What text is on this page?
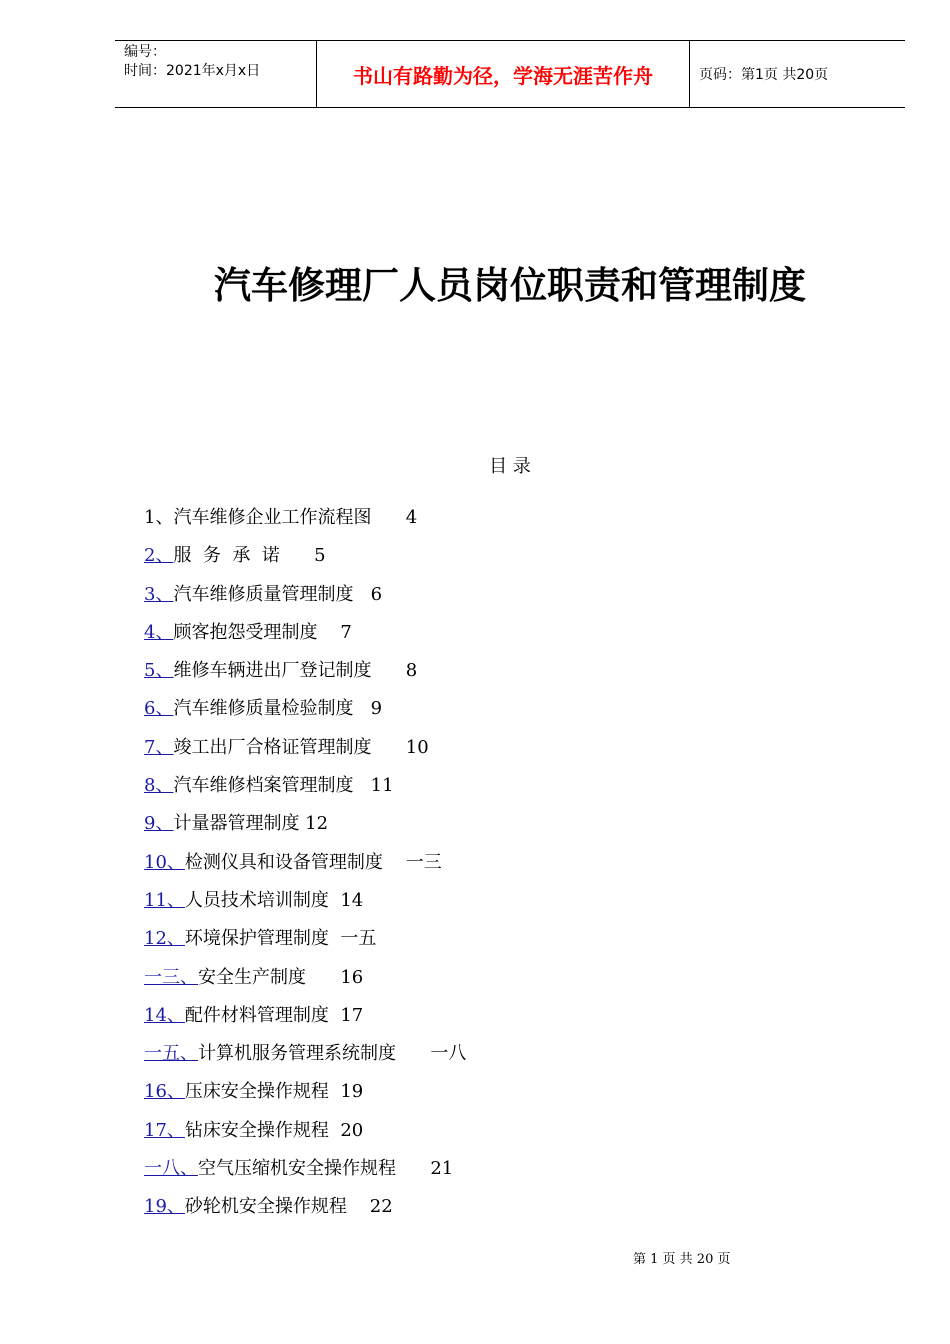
编号：
时间：2021年x月x日	书山有路勤为径，学海无涯苦作舟	页码：第1页 共20页
汽车修理厂人员岗位职责和管理制度
目 录
1、汽车维修企业工作流程图      4
2、服  务  承  诺      5
3、汽车维修质量管理制度   6
4、顾客抱怨受理制度    7
5、维修车辆进出厂登记制度      8
6、汽车维修质量检验制度   9
7、竣工出厂合格证管理制度      10
8、汽车维修档案管理制度   11
9、计量器管理制度 12
10、检测仪具和设备管理制度    一三
11、人员技术培训制度  14
12、环境保护管理制度  一五
一三、安全生产制度      16
14、配件材料管理制度  17
一五、计算机服务管理系统制度      一八
16、压床安全操作规程  19
17、钻床安全操作规程  20
一八、空气压缩机安全操作规程      21
19、砂轮机安全操作规程    22
第 1 页 共 20 页
